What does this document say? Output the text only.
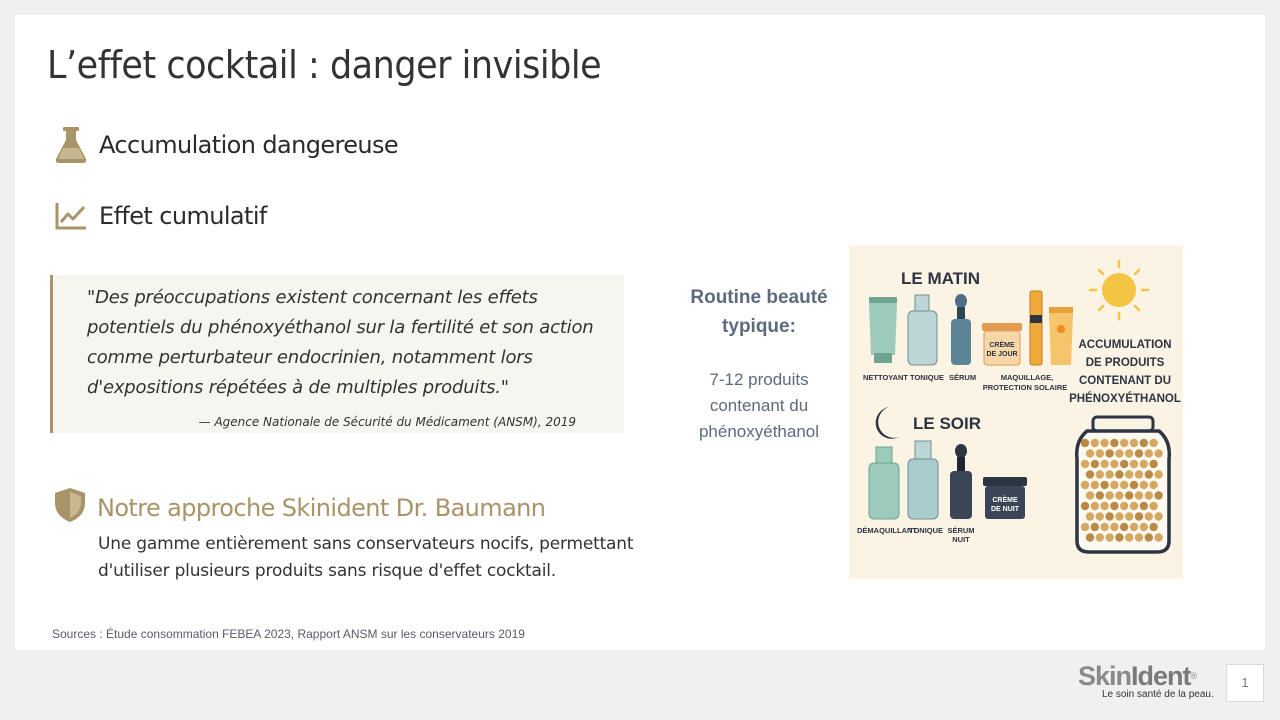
L’effet cocktail : danger invisible
Accumulation dangereuse
Effet cumulatif
"Des préoccupations existent concernant les effets potentiels du phénoxyéthanol sur la fertilité et son action comme perturbateur endocrinien, notamment lors d'expositions répétées à de multiples produits."
— Agence Nationale de Sécurité du Médicament (ANSM), 2019
Notre approche Skinident Dr. Baumann
Une gamme entièrement sans conservateurs nocifs, permettant d'utiliser plusieurs produits sans risque d'effet cocktail.
Routine beauté typique:
7-12 produits contenant du phénoxyéthanol
LE MATIN
CRÈME
DE JOUR
NETTOYANT TONIQUE SÉRUM	MAQUILLAGE,
PROTECTION SOLAIRE
ACCUMULATION
DE PRODUITS
CONTENANT DU
PHÉNOXYÉTHANOL
LE SOIR
CRÈME
DE NUIT
DÉMAQUILLANT
TONIQUE SÉRUM
NUIT
Sources : Étude consommation FEBEA 2023, Rapport ANSM sur les conservateurs 2019
SkinIdent®
Le soin santé de la peau.
1
